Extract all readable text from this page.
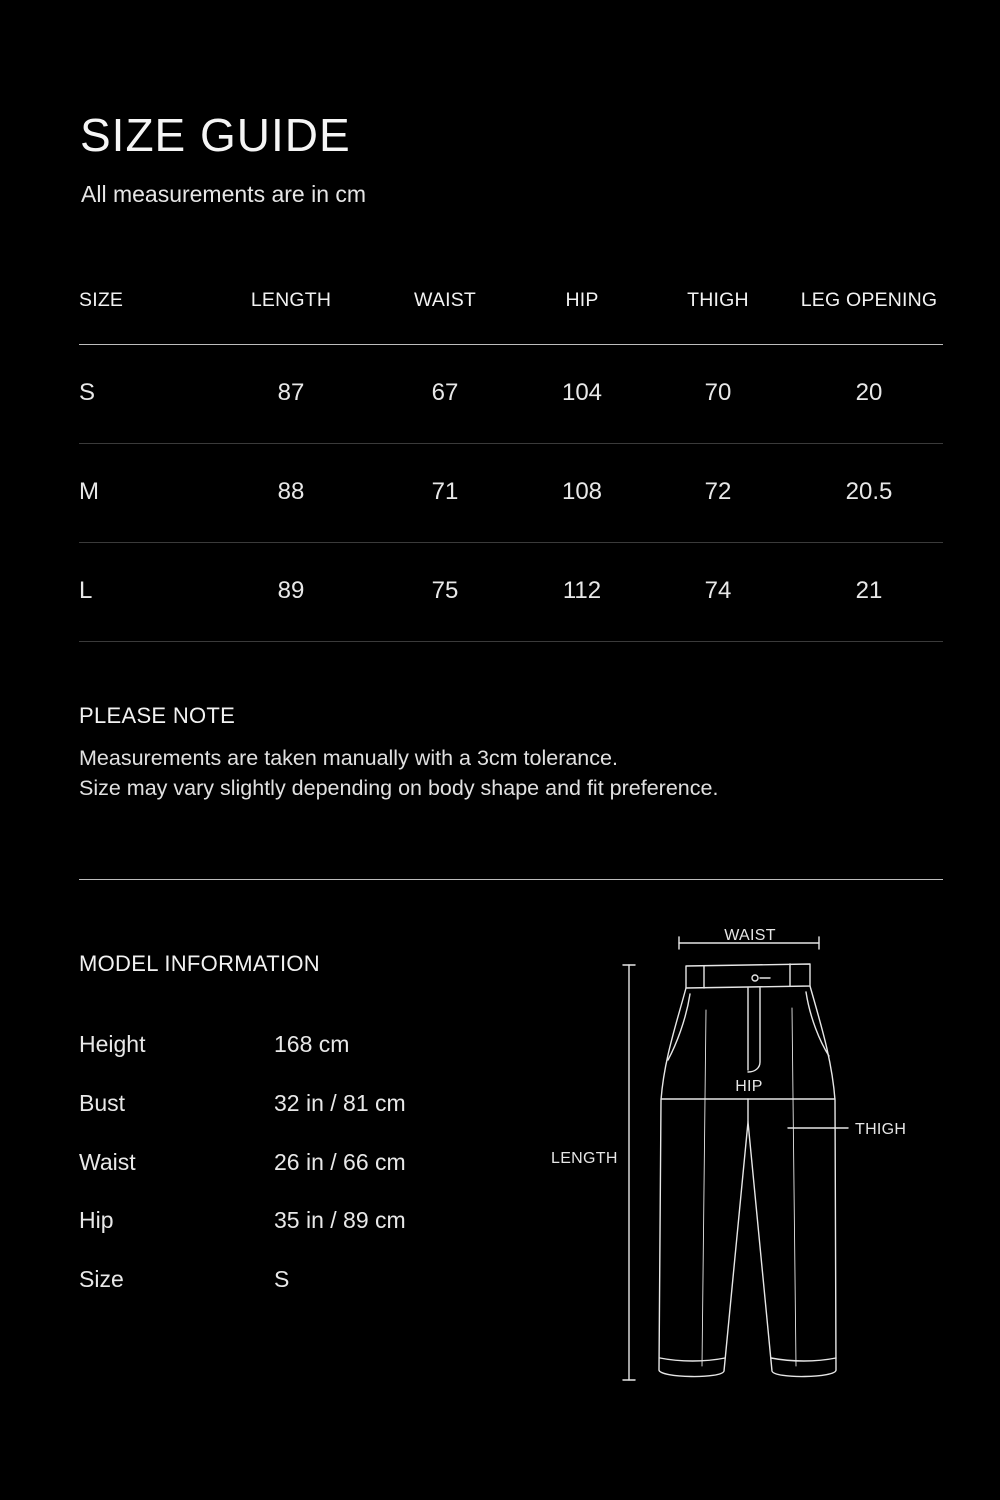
SIZE GUIDE
All measurements are in cm
SIZE	LENGTH	WAIST	HIP	THIGH	LEG OPENING
S	87	67	104	70	20
M	88	71	108	72	20.5
L	89	75	112	74	21
PLEASE NOTE
Measurements are taken manually with a 3cm tolerance.
Size may vary slightly depending on body shape and fit preference.
MODEL INFORMATION
Height	168 cm
Bust	32 in / 81 cm
Waist	26 in / 66 cm
Hip	35 in / 89 cm
Size	S
WAIST
HIP
THIGH
LENGTH
